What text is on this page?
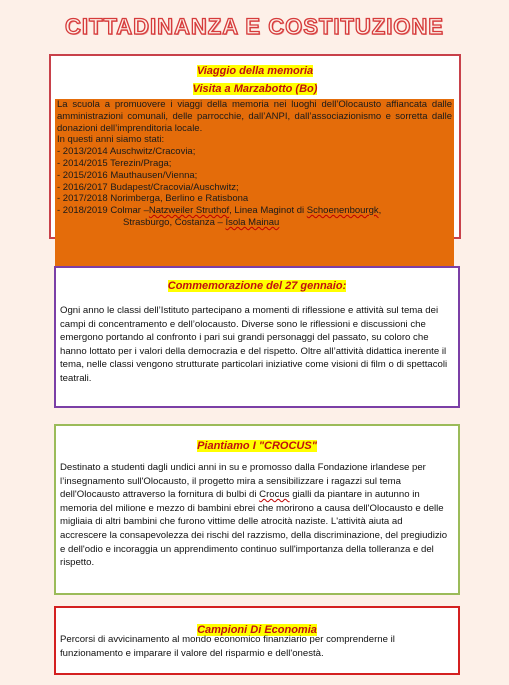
CITTADINANZA E COSTITUZIONE
Viaggio della memoria
Visita a Marzabotto (Bo)

La scuola a promuovere i viaggi della memoria nei luoghi dell’Olocausto affiancata dalle amministrazioni comunali, delle parrocchie, dall’ANPI, dall’associazionismo e sorretta dalle donazioni dell’imprenditoria locale.

In questi anni siamo stati:

- 2013/2014 Auschwitz/Cracovia;
- 2014/2015 Terezin/Praga;
- 2015/2016 Mauthausen/Vienna;
- 2016/2017 Budapest/Cracovia/Auschwitz;
- 2017/2018 Norimberga, Berlino e Ratisbona
- 2018/2019 Colmar –Natzweiler Struthof, Linea Maginot di Schoenenbourgk,
Strasburgo, Costanza – Isola Mainau
Commemorazione del 27 gennaio:
Ogni anno le classi dell’Istituto partecipano a momenti di riflessione e attività sul tema dei campi di concentramento e dell’olocausto. Diverse sono le riflessioni e discussioni che emergono portando al confronto i pari sui grandi personaggi del passato, su coloro che hanno lottato per i valori della democrazia e del rispetto. Oltre all’attività didattica inerente il tema, nelle classi vengono strutturate particolari iniziative come visioni di film o di spettacoli teatrali.
Piantiamo I "CROCUS"
Destinato a studenti dagli undici anni in su e promosso dalla Fondazione irlandese per l’insegnamento sull'Olocausto, il progetto mira a sensibilizzare i ragazzi sul tema dell'Olocausto attraverso la fornitura di bulbi di Crocus gialli da piantare in autunno in memoria del milione e mezzo di bambini ebrei che morirono a causa dell'Olocausto e delle migliaia di altri bambini che furono vittime delle atrocità naziste. L'attività aiuta ad accrescere la consapevolezza dei rischi del razzismo, della discriminazione, del pregiudizio e dell'odio e incoraggia un apprendimento continuo sull'importanza della tolleranza e del rispetto.
Campioni Di Economia
Percorsi di avvicinamento al mondo economico finanziario per comprenderne il funzionamento e imparare il valore del risparmio e dell'onestà.
